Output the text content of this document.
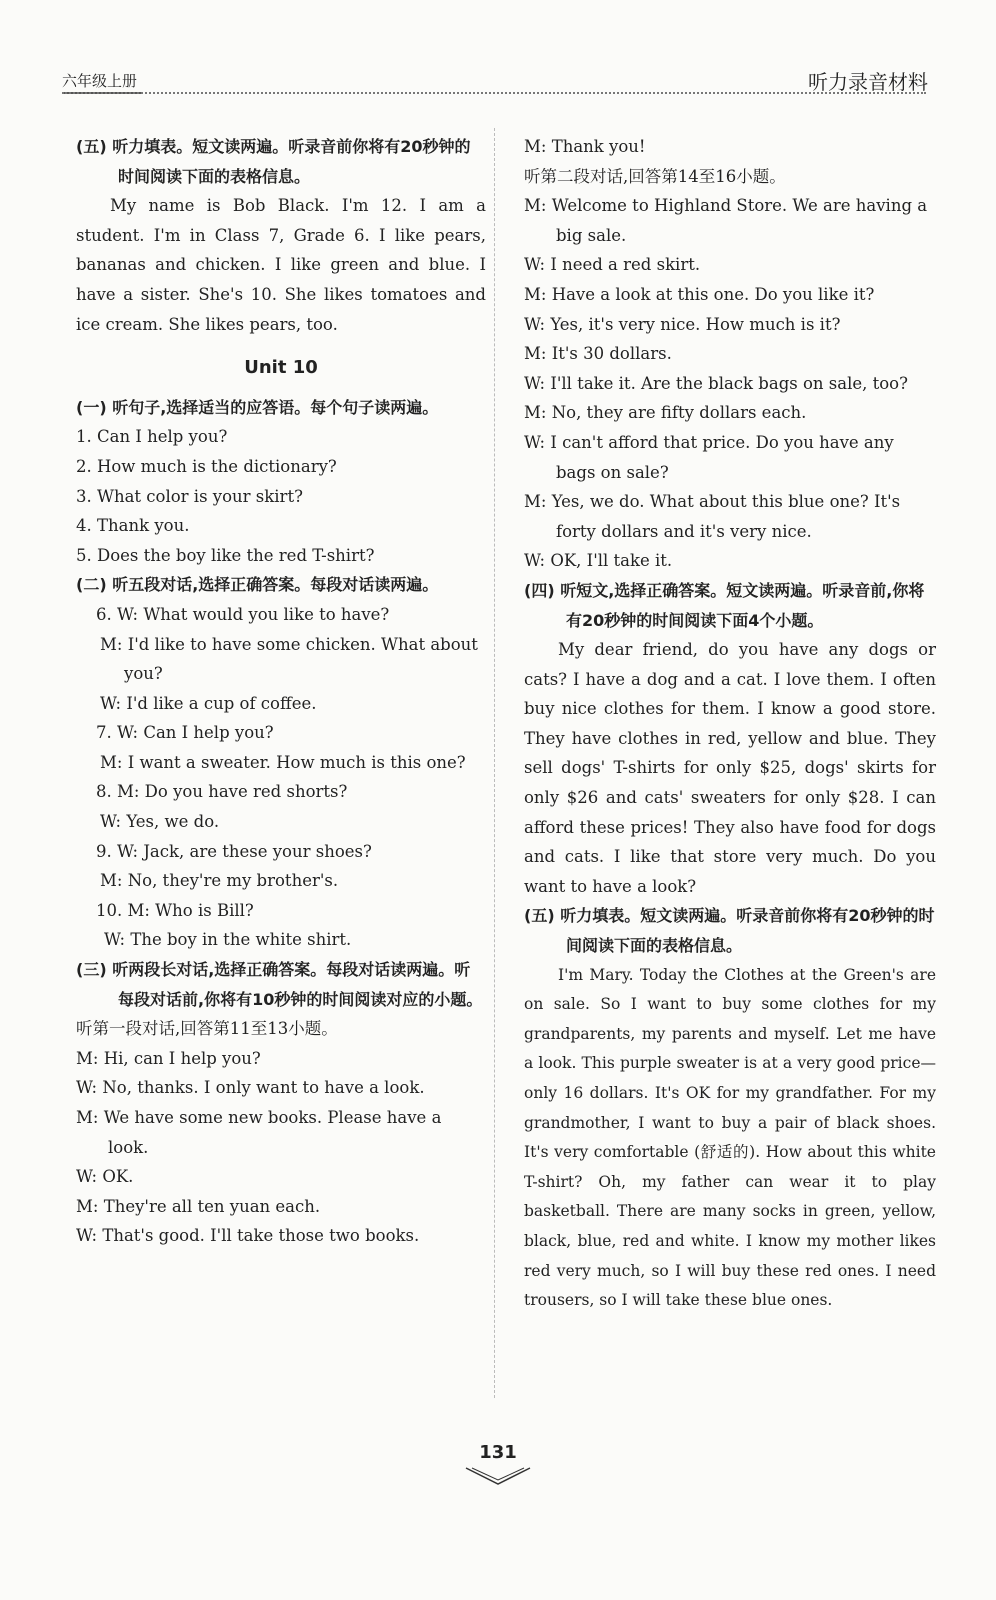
六年级上册	听力录音材料

(五) 听力填表。短文读两遍。听录音前你将有20秒钟的时间阅读下面的表格信息。

My name is Bob Black. I'm 12. I am a student. I'm in Class 7, Grade 6. I like pears, bananas and chicken. I like green and blue. I have a sister. She's 10. She likes tomatoes and ice cream. She likes pears, too.

Unit 10

(一) 听句子,选择适当的应答语。每个句子读两遍。

1. Can I help you?

2. How much is the dictionary?

3. What color is your skirt?

4. Thank you.

5. Does the boy like the red T-shirt?

(二) 听五段对话,选择正确答案。每段对话读两遍。

6. W: What would you like to have?

M: I'd like to have some chicken. What about you?

W: I'd like a cup of coffee.

7. W: Can I help you?

M: I want a sweater. How much is this one?

8. M: Do you have red shorts?

W: Yes, we do.

9. W: Jack, are these your shoes?

M: No, they're my brother's.

10. M: Who is Bill?

W: The boy in the white shirt.

(三) 听两段长对话,选择正确答案。每段对话读两遍。听每段对话前,你将有10秒钟的时间阅读对应的小题。

听第一段对话,回答第11至13小题。

M: Hi, can I help you?

W: No, thanks. I only want to have a look.

M: We have some new books. Please have a look.

W: OK.

M: They're all ten yuan each.

W: That's good. I'll take those two books.

M: Thank you!

听第二段对话,回答第14至16小题。

M: Welcome to Highland Store. We are having a big sale.

W: I need a red skirt.

M: Have a look at this one. Do you like it?

W: Yes, it's very nice. How much is it?

M: It's 30 dollars.

W: I'll take it. Are the black bags on sale, too?

M: No, they are fifty dollars each.

W: I can't afford that price. Do you have any bags on sale?

M: Yes, we do. What about this blue one? It's forty dollars and it's very nice.

W: OK, I'll take it.

(四) 听短文,选择正确答案。短文读两遍。听录音前,你将有20秒钟的时间阅读下面4个小题。

My dear friend, do you have any dogs or cats? I have a dog and a cat. I love them. I often buy nice clothes for them. I know a good store. They have clothes in red, yellow and blue. They sell dogs' T-shirts for only $25, dogs' skirts for only $26 and cats' sweaters for only $28. I can afford these prices! They also have food for dogs and cats. I like that store very much. Do you want to have a look?

(五) 听力填表。短文读两遍。听录音前你将有20秒钟的时间阅读下面的表格信息。

I'm Mary. Today the Clothes at the Green's are on sale. So I want to buy some clothes for my grandparents, my parents and myself. Let me have a look. This purple sweater is at a very good price—only 16 dollars. It's OK for my grandfather. For my grandmother, I want to buy a pair of black shoes. It's very comfortable (舒适的). How about this white T-shirt? Oh, my father can wear it to play basketball. There are many socks in green, yellow, black, blue, red and white. I know my mother likes red very much, so I will buy these red ones. I need trousers, so I will take these blue ones.

131
